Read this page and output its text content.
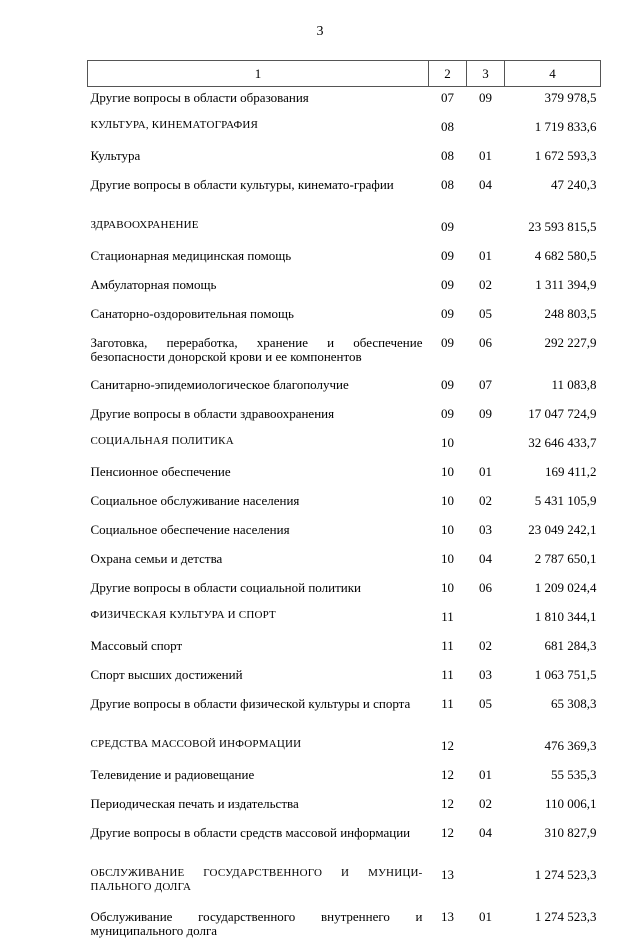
3
1	2	3	4
Другие вопросы в области образования	07	09	379 978,5
КУЛЬТУРА, КИНЕМАТОГРАФИЯ	08		1 719 833,6
Культура	08	01	1 672 593,3
Другие вопросы в области культуры, кинемато-графии	08	04	47 240,3
ЗДРАВООХРАНЕНИЕ	09		23 593 815,5
Стационарная медицинская помощь	09	01	4 682 580,5
Амбулаторная помощь	09	02	1 311 394,9
Санаторно-оздоровительная помощь	09	05	248 803,5
Заготовка, переработка, хранение и обеспечение безопасности донорской крови и ее компонентов	09	06	292 227,9
Санитарно-эпидемиологическое благополучие	09	07	11 083,8
Другие вопросы в области здравоохранения	09	09	17 047 724,9
СОЦИАЛЬНАЯ ПОЛИТИКА	10		32 646 433,7
Пенсионное обеспечение	10	01	169 411,2
Социальное обслуживание населения	10	02	5 431 105,9
Социальное обеспечение населения	10	03	23 049 242,1
Охрана семьи и детства	10	04	2 787 650,1
Другие вопросы в области социальной политики	10	06	1 209 024,4
ФИЗИЧЕСКАЯ КУЛЬТУРА И СПОРТ	11		1 810 344,1
Массовый спорт	11	02	681 284,3
Спорт высших достижений	11	03	1 063 751,5
Другие вопросы в области физической культуры и спорта	11	05	65 308,3
СРЕДСТВА МАССОВОЙ ИНФОРМАЦИИ	12		476 369,3
Телевидение и радиовещание	12	01	55 535,3
Периодическая печать и издательства	12	02	110 006,1
Другие вопросы в области средств массовой информации	12	04	310 827,9
ОБСЛУЖИВАНИЕ ГОСУДАРСТВЕННОГО И МУНИЦИ-ПАЛЬНОГО ДОЛГА	13		1 274 523,3
Обслуживание государственного внутреннего и муниципального долга	13	01	1 274 523,3
